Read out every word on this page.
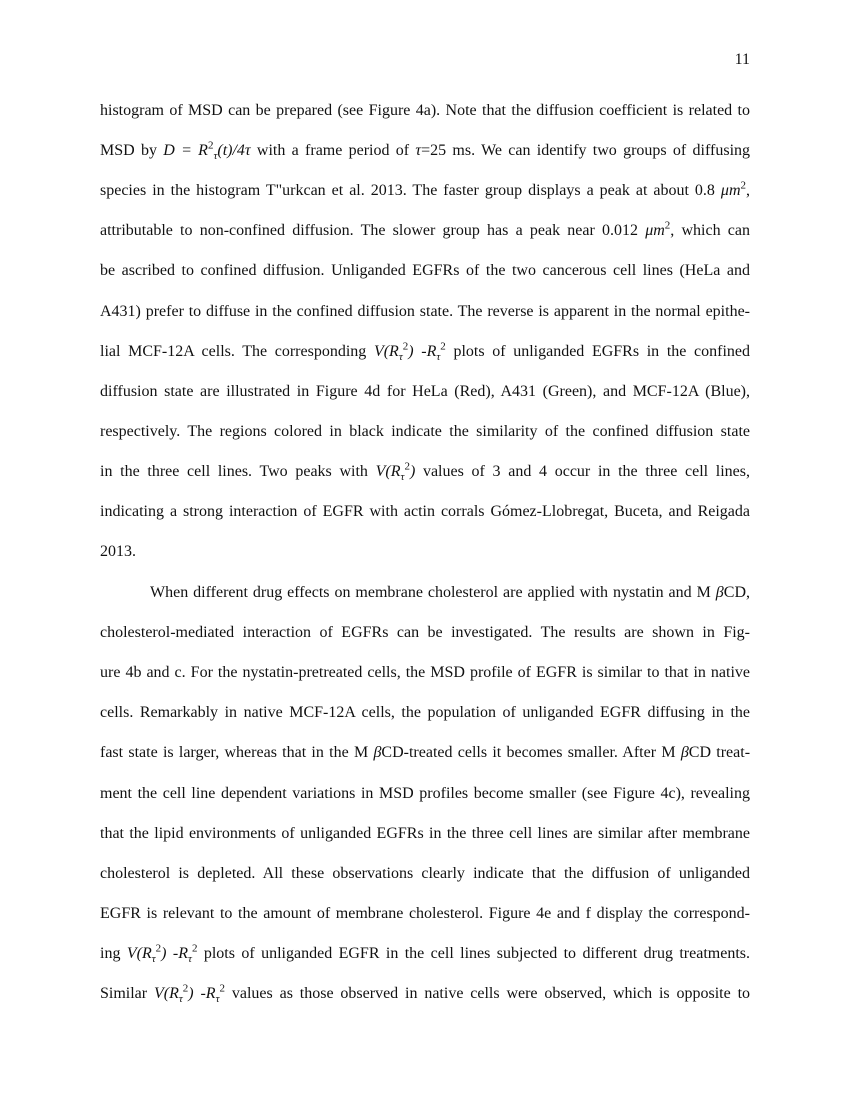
11
histogram of MSD can be prepared (see Figure 4a). Note that the diffusion coefficient is related to
MSD by $D = R^2_\tau(t)/4\tau$ with a frame period of τ=25 ms. We can identify two groups of diffusing
species in the histogram T"urkcan et al. 2013. The faster group displays a peak at about 0.8 $\mu m^2$,
attributable to non-confined diffusion. The slower group has a peak near 0.012 $\mu m^2$, which can
be ascribed to confined diffusion. Unliganded EGFRs of the two cancerous cell lines (HeLa and
A431) prefer to diffuse in the confined diffusion state. The reverse is apparent in the normal epithe-
lial MCF-12A cells. The corresponding $V(R_\tau^2)$ $-R_\tau^2$ plots of unliganded EGFRs in the confined
diffusion state are illustrated in Figure 4d for HeLa (Red), A431 (Green), and MCF-12A (Blue),
respectively. The regions colored in black indicate the similarity of the confined diffusion state
in the three cell lines. Two peaks with $V(R_\tau^2)$ values of 3 and 4 occur in the three cell lines,
indicating a strong interaction of EGFR with actin corrals Gómez-Llobregat, Buceta, and Reigada
2013.
When different drug effects on membrane cholesterol are applied with nystatin and M βCD,
cholesterol-mediated interaction of EGFRs can be investigated. The results are shown in Fig-
ure 4b and c. For the nystatin-pretreated cells, the MSD profile of EGFR is similar to that in native
cells. Remarkably in native MCF-12A cells, the population of unliganded EGFR diffusing in the
fast state is larger, whereas that in the M βCD-treated cells it becomes smaller. After M βCD treat-
ment the cell line dependent variations in MSD profiles become smaller (see Figure 4c), revealing
that the lipid environments of unliganded EGFRs in the three cell lines are similar after membrane
cholesterol is depleted. All these observations clearly indicate that the diffusion of unliganded
EGFR is relevant to the amount of membrane cholesterol. Figure 4e and f display the correspond-
ing $V(R_\tau^2)$ $-R_\tau^2$ plots of unliganded EGFR in the cell lines subjected to different drug treatments.
Similar $V(R_\tau^2)$ $-R_\tau^2$ values as those observed in native cells were observed, which is opposite to
